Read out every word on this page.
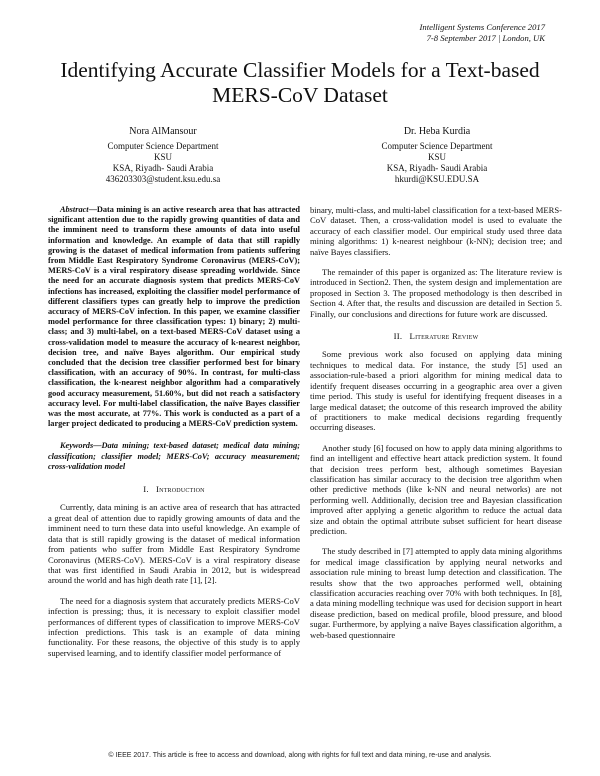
Intelligent Systems Conference 2017
7-8 September 2017 | London, UK
Identifying Accurate Classifier Models for a Text-based MERS-CoV Dataset
Nora AlMansour
Computer Science Department
KSU
KSA, Riyadh- Saudi Arabia
436203303@student.ksu.edu.sa
Dr. Heba Kurdia
Computer Science Department
KSU
KSA, Riyadh- Saudi Arabia
hkurdi@KSU.EDU.SA

Abstract—Data mining is an active research area that has attracted significant attention due to the rapidly growing quantities of data and the imminent need to transform these amounts of data into useful information and knowledge. An example of data that still rapidly growing is the dataset of medical information from patients suffering from Middle East Respiratory Syndrome Coronavirus (MERS-CoV); MERS-CoV is a viral respiratory disease spreading worldwide. Since the need for an accurate diagnosis system that predicts MERS-CoV infections has increased, exploiting the classifier model performance of different classifiers types can greatly help to improve the prediction accuracy of MERS-CoV infection. In this paper, we examine classifier model performance for three classification types: 1) binary; 2) multi-class; and 3) multi-label, on a text-based MERS-CoV dataset using a cross-validation model to measure the accuracy of k-nearest neighbor, decision tree, and naïve Bayes algorithm. Our empirical study concluded that the decision tree classifier performed best for binary classification, with an accuracy of 90%. In contrast, for multi-class classification, the k-nearest neighbor algorithm had a comparatively good accuracy measurement, 51.60%, but did not reach a satisfactory accuracy level. For multi-label classification, the naïve Bayes classifier was the most accurate, at 77%. This work is conducted as a part of a larger project dedicated to producing a MERS-CoV prediction system.

Keywords—Data mining; text-based dataset; medical data mining; classification; classifier model; MERS-CoV; accuracy measurement; cross-validation model

I. Introduction

Currently, data mining is an active area of research that has attracted a great deal of attention due to rapidly growing amounts of data and the imminent need to turn these data into useful knowledge. An example of data that is still rapidly growing is the dataset of medical information from patients who suffer from Middle East Respiratory Syndrome Coronavirus (MERS-CoV). MERS-CoV is a viral respiratory disease that was first identified in Saudi Arabia in 2012, but is widespread around the world and has high death rate [1], [2].

The need for a diagnosis system that accurately predicts MERS-CoV infection is pressing; thus, it is necessary to exploit classifier model performances of different types of classification to improve MERS-CoV infection predictions. This task is an example of data mining functionality. For these reasons, the objective of this study is to apply supervised learning, and to identify classifier model performance of

binary, multi-class, and multi-label classification for a text-based MERS-CoV dataset. Then, a cross-validation model is used to evaluate the accuracy of each classifier model. Our empirical study used three data mining algorithms: 1) k-nearest neighbour (k-NN); decision tree; and naïve Bayes classifiers.

The remainder of this paper is organized as: The literature review is introduced in Section2. Then, the system design and implementation are proposed in Section 3. The proposed methodology is then described in Section 4. After that, the results and discussion are detailed in Section 5. Finally, our conclusions and directions for future work are discussed.

II. Literature Review

Some previous work also focused on applying data mining techniques to medical data. For instance, the study [5] used an association-rule-based a priori algorithm for mining medical data to identify frequent diseases occurring in a geographic area over a given time period. This study is useful for identifying frequent diseases in a large medical dataset; the outcome of this research improved the ability of practitioners to make medical decisions regarding frequently occurring diseases.

Another study [6] focused on how to apply data mining algorithms to find an intelligent and effective heart attack prediction system. It found that decision trees perform best, although sometimes Bayesian classification has similar accuracy to the decision tree algorithm when other predictive methods (like k-NN and neural networks) are not performing well. Additionally, decision tree and Bayesian classification improved after applying a genetic algorithm to reduce the actual data size and obtain the optimal attribute subset sufficient for heart disease prediction.

The study described in [7] attempted to apply data mining algorithms for medical image classification by applying neural networks and association rule mining to breast lump detection and classification. The results show that the two approaches performed well, obtaining classification accuracies reaching over 70% with both techniques. In [8], a data mining modelling technique was used for decision support in heart disease prediction, based on medical profile, blood pressure, and blood sugar. Furthermore, by applying a naïve Bayes classification algorithm, a web-based questionnaire

© IEEE 2017. This article is free to access and download, along with rights for full text and data mining, re-use and analysis.
